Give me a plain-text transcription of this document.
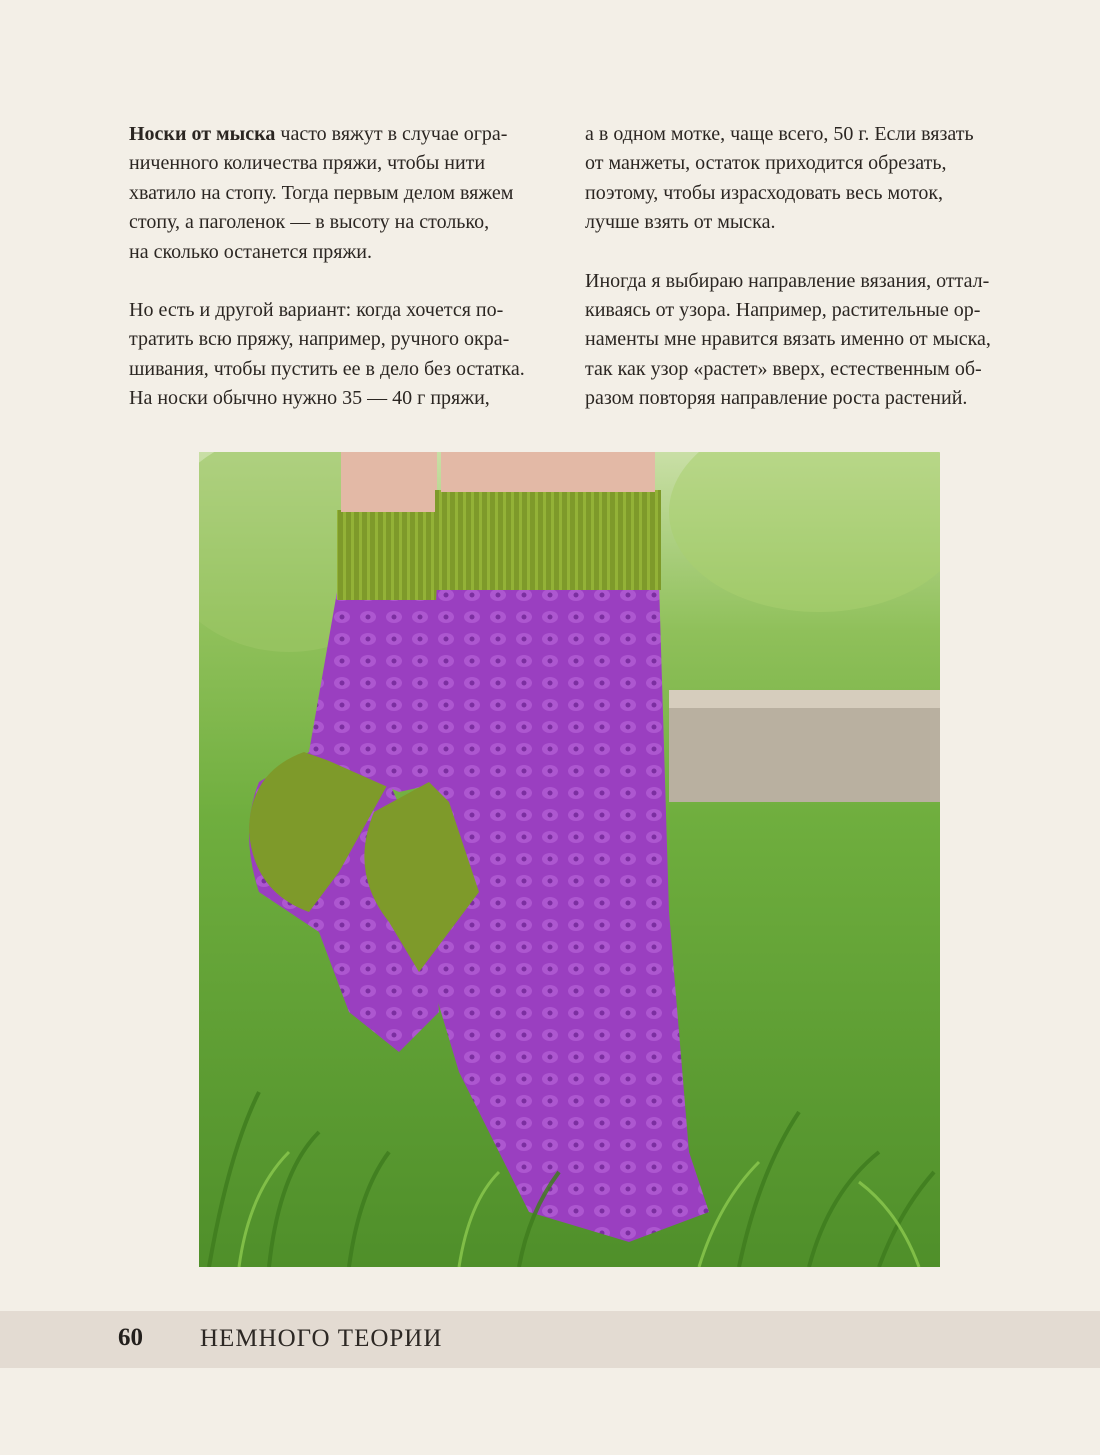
Носки от мыска часто вяжут в случае огра-
ниченного количества пряжи, чтобы нити
хватило на стопу. Тогда первым делом вяжем
стопу, а паголенок — в высоту на столько,
на сколько останется пряжи.

Но есть и другой вариант: когда хочется по-
тратить всю пряжу, например, ручного окра-
шивания, чтобы пустить ее в дело без остатка.
На носки обычно нужно 35 — 40 г пряжи,

а в одном мотке, чаще всего, 50 г. Если вязать
от манжеты, остаток приходится обрезать,
поэтому, чтобы израсходовать весь моток,
лучше взять от мыска.

Иногда я выбираю направление вязания, оттал-
киваясь от узора. Например, растительные ор-
наменты мне нравится вязать именно от мыска,
так как узор «растет» вверх, естественным об-
разом повторяя направление роста растений.

60 НЕМНОГО ТЕОРИИ
